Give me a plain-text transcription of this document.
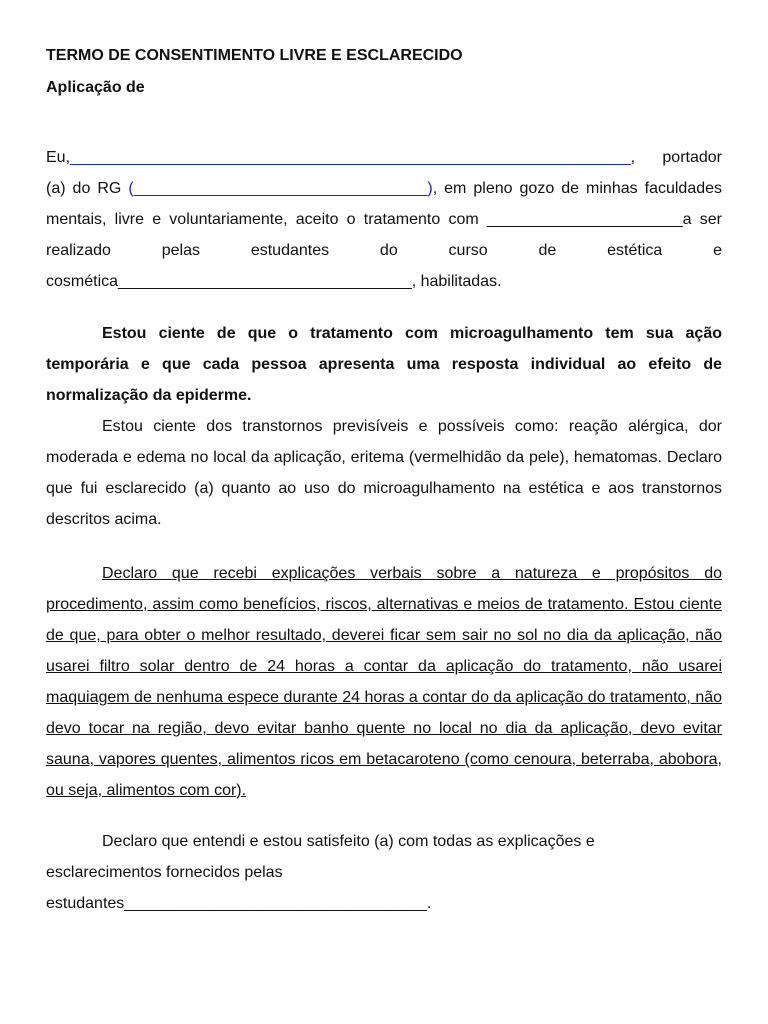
TERMO DE CONSENTIMENTO LIVRE E ESCLARECIDO
Aplicação de

Eu,_______________________________________________________________, portador (a) do RG (_________________________________), em pleno gozo de minhas faculdades mentais, livre e voluntariamente, aceito o tratamento com ______________________a ser realizado pelas estudantes do curso de estética e cosmética_________________________________, habilitadas.

Estou ciente de que o tratamento com microagulhamento tem sua ação temporária e que cada pessoa apresenta uma resposta individual ao efeito de normalização da epiderme.

Estou ciente dos transtornos previsíveis e possíveis como: reação alérgica, dor moderada e edema no local da aplicação, eritema (vermelhidão da pele), hematomas. Declaro que fui esclarecido (a) quanto ao uso do microagulhamento na estética e aos transtornos descritos acima.

Declaro que recebi explicações verbais sobre a natureza e propósitos do procedimento, assim como benefícios, riscos, alternativas e meios de tratamento. Estou ciente de que, para obter o melhor resultado, deverei ficar sem sair no sol no dia da aplicação, não usarei filtro solar dentro de 24 horas a contar da aplicação do tratamento, não usarei maquiagem de nenhuma espece durante 24 horas a contar do da aplicação do tratamento, não devo tocar na região, devo evitar banho quente no local no dia da aplicação, devo evitar sauna, vapores quentes, alimentos ricos em betacaroteno (como cenoura, beterraba, abobora, ou seja, alimentos com cor).

Declaro que entendi e estou satisfeito (a) com todas as explicações e

esclarecimentos fornecidos pelas

estudantes__________________________________.
